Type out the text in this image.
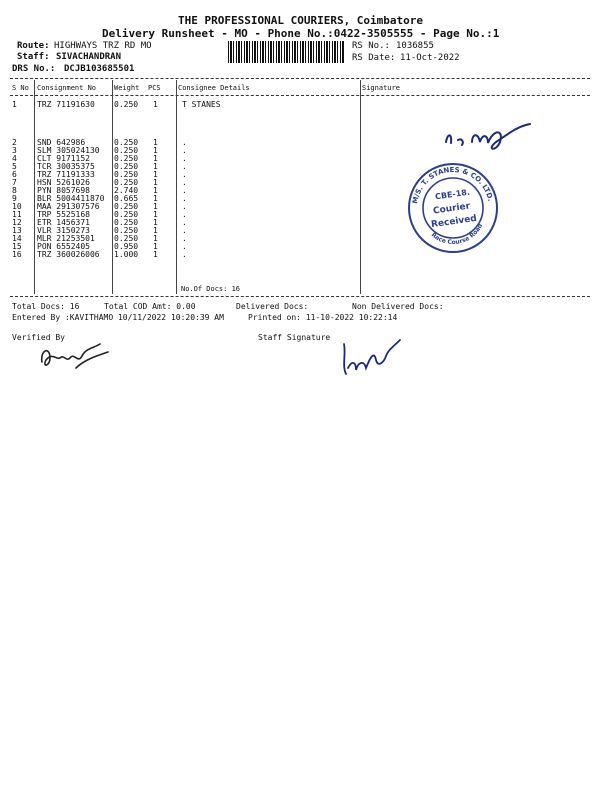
THE PROFESSIONAL COURIERS, Coimbatore
Delivery Runsheet - MO - Phone No.:0422-3505555 - Page No.:1
Route: HIGHWAYS TRZ RD MO
Staff: SIVACHANDRAN
DRS No.: DCJB103685501
RS No.: 1036855
RS Date: 11-Oct-2022
S No Consignment No	Weight PCS Consignee Details	Signature
1	TRZ 71191630 0.250 1	T STANES
2	SND 642986	0.250 1	.
3	SLM 305024130 0.250 1	.
4	CLT 9171152	0.250 1	.
5	TCR 30035375 0.250 1	.
6	TRZ 71191333 0.250 1	.
7	HSN 5261026	0.250 1	.
8	PYN 8057698	2.740 1	.
9	BLR 5004411870 0.665 1	.
10 MAA 291307576 0.250 1	.
11 TRP 5525168	0.250 1	.
12 ETR 1456371	0.250 1	.
13 VLR 3150273	0.250 1	.
14 MLR 21253501 0.250 1	.
15 PON 6552405	0.950 1	.
16 TRZ 360026006 1.000 1	.
No.Of Docs: 16
Total Docs: 16	Total COD Amt: 0.00	Delivered Docs:	Non Delivered Docs:
Entered By :KAVITHAMO 10/11/2022 10:20:39 AM	Printed on: 11-10-2022 10:22:14
Verified By	Staff Signature
M/S. T. STANES & CO. LTD.
Race Course Road
CBE-18.
Courier
Received
